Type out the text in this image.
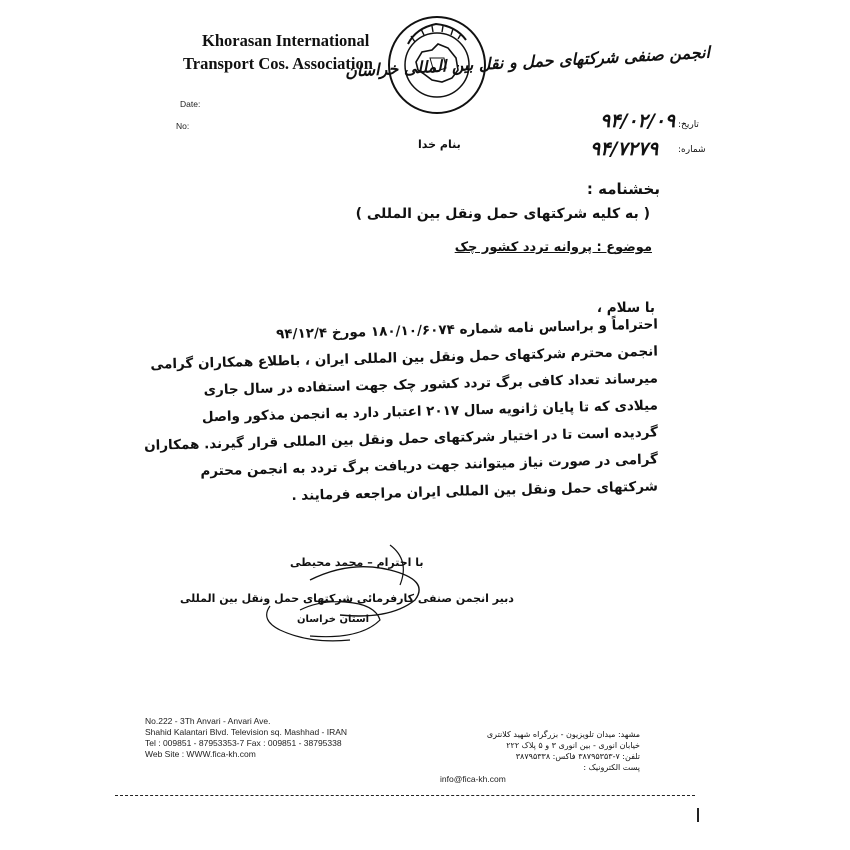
Khorasan International
Transport Cos. Association
انجمن صنفی شرکتهای حمل و نقل بین المللی خراسان
Date:
No:	تاریخ:
۹۴/۰۲/۰۹
شماره:
۹۴/۷۲۷۹
بنام خدا
بخشنامه :
( به کلیه شرکتهای حمل ونقل بین المللی )
موضوع : پروانه تردد کشور چک
با سلام ،
احتراماً و براساس نامه شماره ۱۸۰/۱۰/۶۰۷۴ مورخ ۹۴/۱۲/۴
انجمن محترم شرکتهای حمل ونقل بین المللی ایران ، باطلاع همکاران گرامی
میرساند تعداد کافی برگ تردد کشور چک جهت استفاده در سال جاری
میلادی که تا پایان ژانویه سال ۲۰۱۷ اعتبار دارد به انجمن مذکور واصل
گردیده است تا در اختیار شرکتهای حمل ونقل بین المللی قرار گیرند. همکاران
گرامی در صورت نیاز میتوانند جهت دریافت برگ تردد به انجمن محترم
شرکتهای حمل ونقل بین المللی ایران مراجعه فرمایند .
با احترام – محمد محیطی
دبیر انجمن صنفی کارفرمائی شرکتهای حمل ونقل بین المللی
استان خراسان
No.222 - 3Th Anvari - Anvari Ave.
Shahid Kalantari Blvd. Television sq. Mashhad - IRAN
Tel : 009851 - 87953353-7 Fax : 009851 - 38795338
Web Site : WWW.fica-kh.com
مشهد: میدان تلویزیون - بزرگراه شهید کلانتری
خیابان انوری - بین انوری ۳ و ۵ پلاک ۲۲۲
تلفن: ۷-۳۸۷۹۵۳۵۳ فاکس: ۳۸۷۹۵۳۳۸
پست الکترونیک :
info@fica-kh.com
